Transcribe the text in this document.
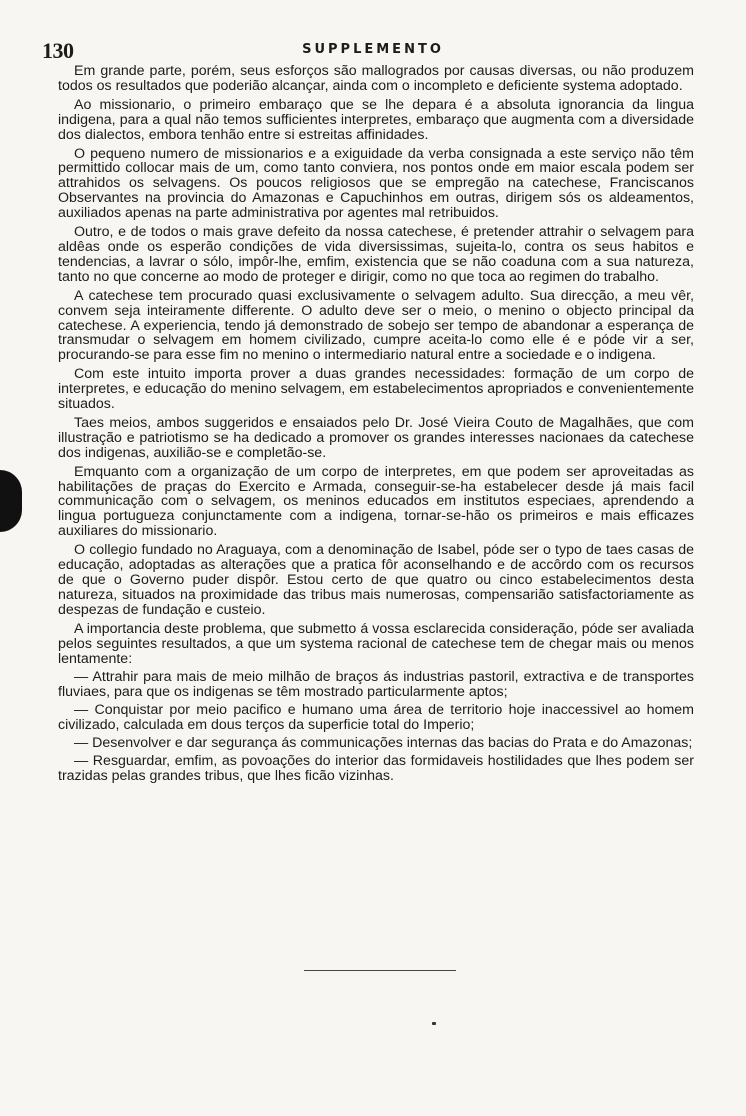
130	SUPPLEMENTO

Em grande parte, porém, seus esforços são mallogrados por causas diversas, ou não produzem todos os resultados que poderião alcançar, ainda com o incompleto e deficiente systema adoptado.

Ao missionario, o primeiro embaraço que se lhe depara é a absoluta ignorancia da lingua indigena, para a qual não temos sufficientes interpretes, embaraço que augmenta com a diversidade dos dialectos, embora tenhão entre si estreitas affinidades.

O pequeno numero de missionarios e a exiguidade da verba consignada a este serviço não têm permittido collocar mais de um, como tanto conviera, nos pontos onde em maior escala podem ser attrahidos os selvagens. Os poucos religiosos que se empregão na catechese, Franciscanos Observantes na provincia do Amazonas e Capuchinhos em outras, dirigem sós os aldeamentos, auxiliados apenas na parte administrativa por agentes mal retribuidos.

Outro, e de todos o mais grave defeito da nossa catechese, é pretender attrahir o selvagem para aldêas onde os esperão condições de vida diversissimas, sujeita-lo, contra os seus habitos e tendencias, a lavrar o sólo, impôr-lhe, emfim, existencia que se não coaduna com a sua natureza, tanto no que concerne ao modo de proteger e dirigir, como no que toca ao regimen do trabalho.

A catechese tem procurado quasi exclusivamente o selvagem adulto. Sua direcção, a meu vêr, convem seja inteiramente differente. O adulto deve ser o meio, o menino o objecto principal da catechese. A experiencia, tendo já demonstrado de sobejo ser tempo de abandonar a esperança de transmudar o selvagem em homem civilizado, cumpre aceita-lo como elle é e póde vir a ser, procurando-se para esse fim no menino o intermediario natural entre a sociedade e o indigena.

Com este intuito importa prover a duas grandes necessidades: formação de um corpo de interpretes, e educação do menino selvagem, em estabelecimentos apropriados e convenientemente situados.

Taes meios, ambos suggeridos e ensaiados pelo Dr. José Vieira Couto de Magalhães, que com illustração e patriotismo se ha dedicado a promover os grandes interesses nacionaes da catechese dos indigenas, auxilião-se e completão-se.

Emquanto com a organização de um corpo de interpretes, em que podem ser aproveitadas as habilitações de praças do Exercito e Armada, conseguir-se-ha estabelecer desde já mais facil communicação com o selvagem, os meninos educados em institutos especiaes, aprendendo a lingua portugueza conjunctamente com a indigena, tornar-se-hão os primeiros e mais efficazes auxiliares do missionario.

O collegio fundado no Araguaya, com a denominação de Isabel, póde ser o typo de taes casas de educação, adoptadas as alterações que a pratica fôr aconselhando e de accôrdo com os recursos de que o Governo puder dispôr. Estou certo de que quatro ou cinco estabelecimentos desta natureza, situados na proximidade das tribus mais numerosas, compensarião satisfactoriamente as despezas de fundação e custeio.

A importancia deste problema, que submetto á vossa esclarecida consideração, póde ser avaliada pelos seguintes resultados, a que um systema racional de catechese tem de chegar mais ou menos lentamente:

— Attrahir para mais de meio milhão de braços ás industrias pastoril, extractiva e de transportes fluviaes, para que os indigenas se têm mostrado particularmente aptos;
— Conquistar por meio pacifico e humano uma área de territorio hoje inaccessivel ao homem civilizado, calculada em dous terços da superficie total do Imperio;
— Desenvolver e dar segurança ás communicações internas das bacias do Prata e do Amazonas;
— Resguardar, emfim, as povoações do interior das formidaveis hostilidades que lhes podem ser trazidas pelas grandes tribus, que lhes ficão vizinhas.
